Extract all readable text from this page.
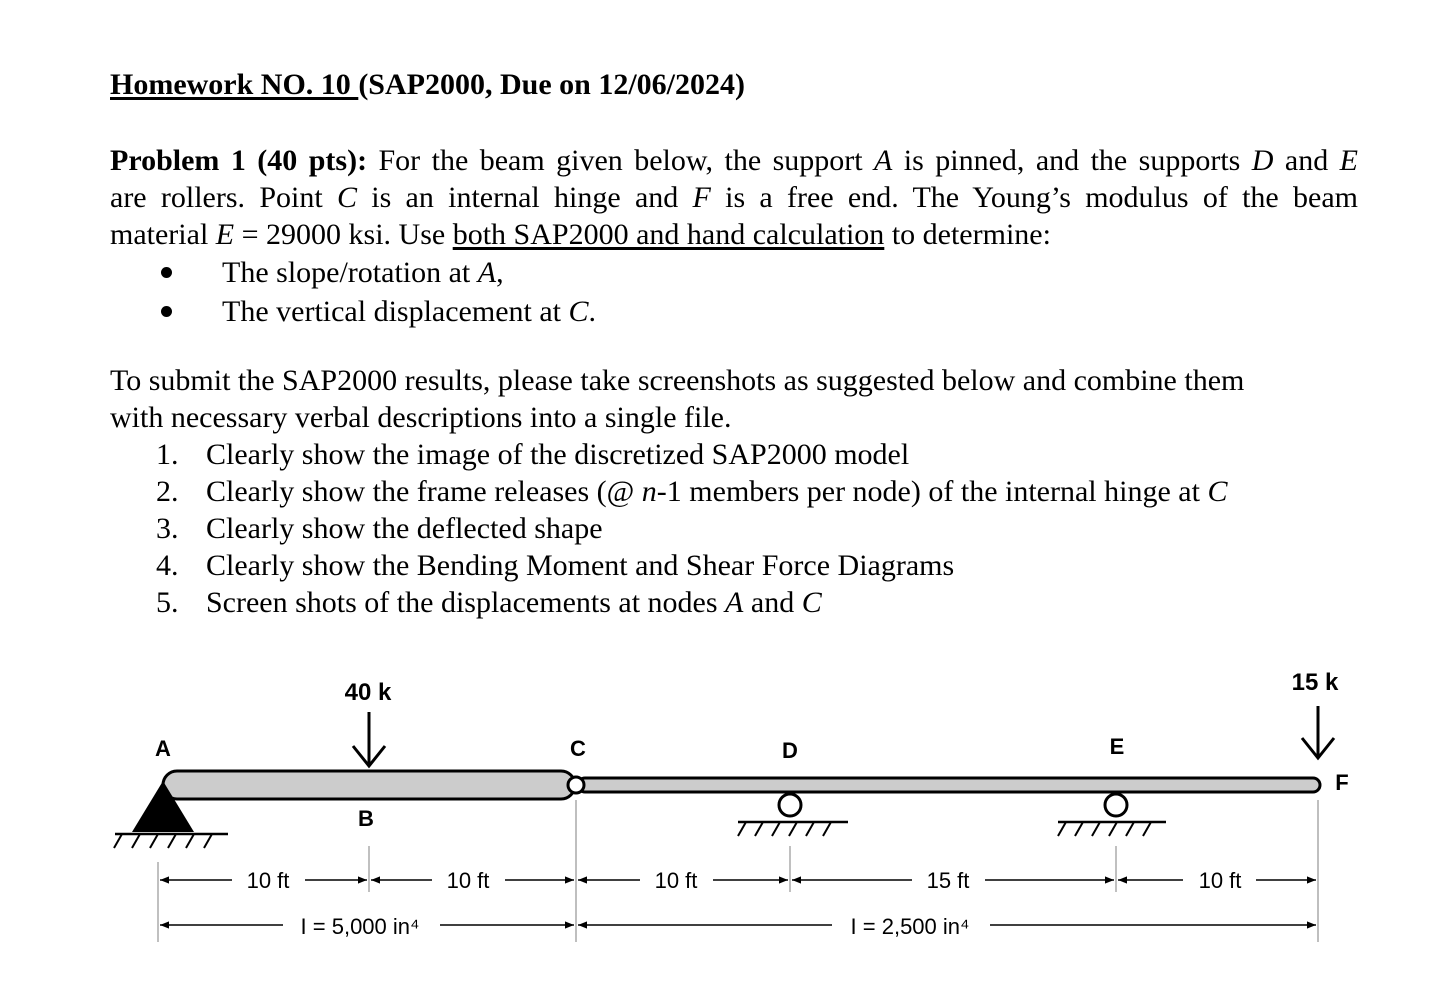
Homework NO. 10 (SAP2000, Due on 12/06/2024)
Problem 1 (40 pts): For the beam given below, the support A is pinned, and the supports D and E
are rollers. Point C is an internal hinge and F is a free end. The Young’s modulus of the beam
material E = 29000 ksi. Use both SAP2000 and hand calculation to determine:
The slope/rotation at A,
The vertical displacement at C.
To submit the SAP2000 results, please take screenshots as suggested below and combine them
with necessary verbal descriptions into a single file.
1. Clearly show the image of the discretized SAP2000 model
2. Clearly show the frame releases (@ n-1 members per node) of the internal hinge at C
3. Clearly show the deflected shape
4. Clearly show the Bending Moment and Shear Force Diagrams
5. Screen shots of the displacements at nodes A and C
40 k	15 k
A
B
C	D	E
F
10 ft	10 ft	10 ft	15 ft	10 ft
I = 5,000 in⁴	I = 2,500 in⁴
